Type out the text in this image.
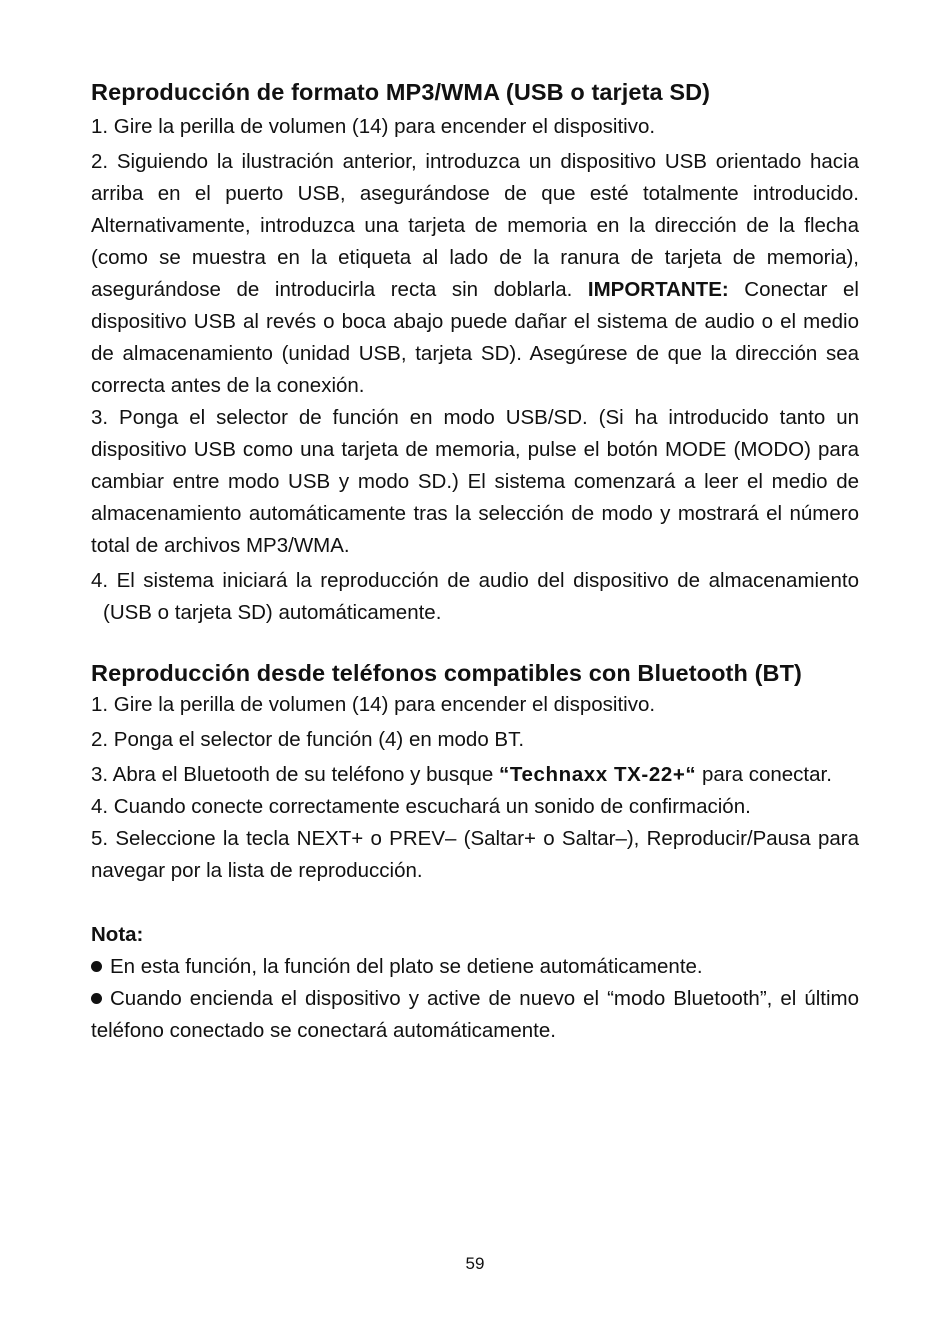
Reproducción de formato MP3/WMA (USB o tarjeta SD)

1. Gire la perilla de volumen (14) para encender el dispositivo.

2. Siguiendo la ilustración anterior, introduzca un dispositivo USB orientado hacia arriba en el puerto USB, asegurándose de que esté totalmente introducido. Alternativamente, introduzca una tarjeta de memoria en la dirección de la flecha (como se muestra en la etiqueta al lado de la ranura de tarjeta de memoria), asegurándose de introducirla recta sin doblarla. IMPORTANTE: Conectar el dispositivo USB al revés o boca abajo puede dañar el sistema de audio o el medio de almacenamiento (unidad USB, tarjeta SD). Asegúrese de que la dirección sea correcta antes de la conexión.

3. Ponga el selector de función en modo USB/SD. (Si ha introducido tanto un dispositivo USB como una tarjeta de memoria, pulse el botón MODE (MODO) para cambiar entre modo USB y modo SD.) El sistema comenzará a leer el medio de almacenamiento automáticamente tras la selección de modo y mostrará el número total de archivos MP3/WMA.

4. El sistema iniciará la reproducción de audio del dispositivo de almacenamiento (USB o tarjeta SD) automáticamente.

Reproducción desde teléfonos compatibles con Bluetooth (BT)

1. Gire la perilla de volumen (14) para encender el dispositivo.

2. Ponga el selector de función (4) en modo BT.

3. Abra el Bluetooth de su teléfono y busque “Technaxx TX-22+“ para conectar.

4. Cuando conecte correctamente escuchará un sonido de confirmación.

5. Seleccione la tecla NEXT+ o PREV– (Saltar+ o Saltar–), Reproducir/Pausa para navegar por la lista de reproducción.

Nota:

En esta función, la función del plato se detiene automáticamente.

Cuando encienda el dispositivo y active de nuevo el “modo Bluetooth”, el último teléfono conectado se conectará automáticamente.

59
